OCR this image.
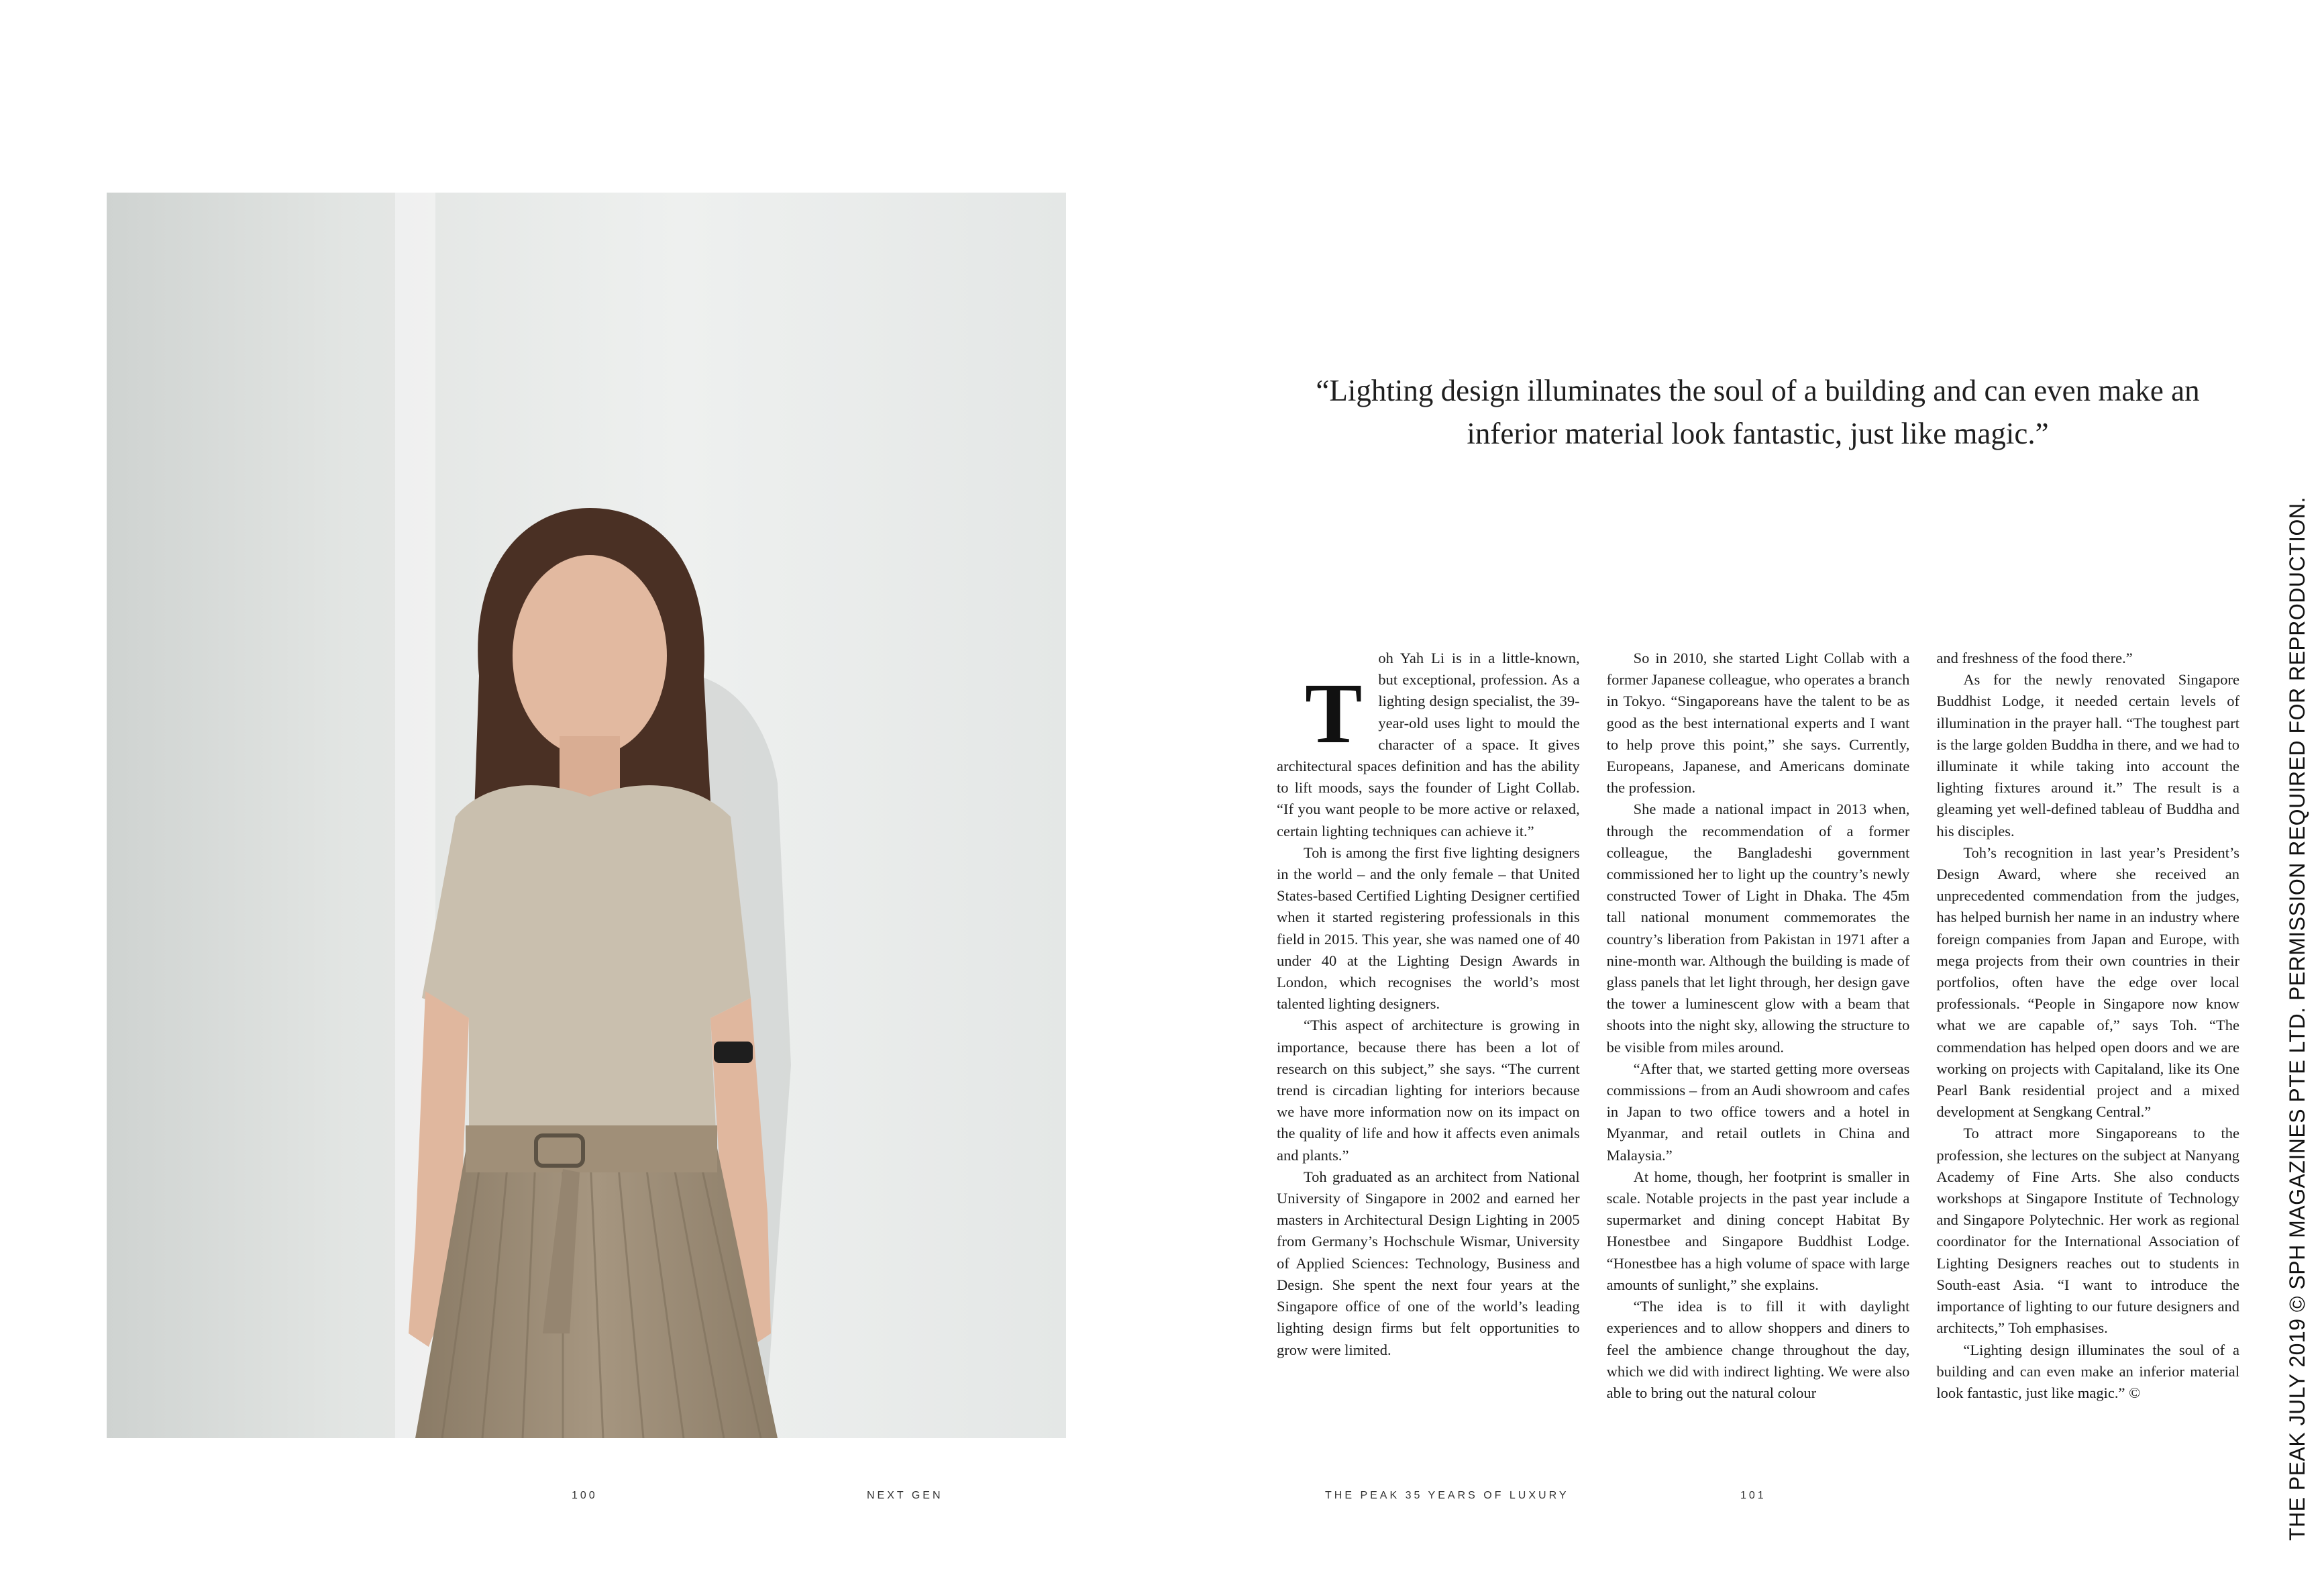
“Lighting design illuminates the soul of a building and can even make an inferior material look fantastic, just like magic.”
T

oh Yah Li is in a little-known, but exceptional, profession. As a lighting design specialist, the 39-year-old uses light to mould the character of a space. It gives architectural spaces definition and has the ability to lift moods, says the founder of Light Collab. “If you want people to be more active or relaxed, certain lighting techniques can achieve it.”

Toh is among the first five lighting designers in the world – and the only female – that United States-based Certified Lighting Designer certified when it started registering professionals in this field in 2015. This year, she was named one of 40 under 40 at the Lighting Design Awards in London, which recognises the world’s most talented lighting designers.

“This aspect of architecture is growing in importance, because there has been a lot of research on this subject,” she says. “The current trend is circadian lighting for interiors because we have more information now on its impact on the quality of life and how it affects even animals and plants.”

Toh graduated as an architect from National University of Singapore in 2002 and earned her masters in Architectural Design Lighting in 2005 from Germany’s Hochschule Wismar, University of Applied Sciences: Technology, Business and Design. She spent the next four years at the Singapore office of one of the world’s leading lighting design firms but felt opportunities to grow were limited.

So in 2010, she started Light Collab with a former Japanese colleague, who operates a branch in Tokyo. “Singaporeans have the talent to be as good as the best international experts and I want to help prove this point,” she says. Currently, Europeans, Japanese, and Americans dominate the profession.

She made a national impact in 2013 when, through the recommendation of a former colleague, the Bangladeshi government commissioned her to light up the country’s newly constructed Tower of Light in Dhaka. The 45m tall national monument commemorates the country’s liberation from Pakistan in 1971 after a nine-month war. Although the building is made of glass panels that let light through, her design gave the tower a luminescent glow with a beam that shoots into the night sky, allowing the structure to be visible from miles around.

“After that, we started getting more overseas commissions – from an Audi showroom and cafes in Japan to two office towers and a hotel in Myanmar, and retail outlets in China and Malaysia.”

At home, though, her footprint is smaller in scale. Notable projects in the past year include a supermarket and dining concept Habitat By Honestbee and Singapore Buddhist Lodge. “Honestbee has a high volume of space with large amounts of sunlight,” she explains.

“The idea is to fill it with daylight experiences and to allow shoppers and diners to feel the ambience change throughout the day, which we did with indirect lighting. We were also able to bring out the natural colour

and freshness of the food there.”

As for the newly renovated Singapore Buddhist Lodge, it needed certain levels of illumination in the prayer hall. “The toughest part is the large golden Buddha in there, and we had to illuminate it while taking into account the lighting fixtures around it.” The result is a gleaming yet well-defined tableau of Buddha and his disciples.

Toh’s recognition in last year’s President’s Design Award, where she received an unprecedented commendation from the judges, has helped burnish her name in an industry where foreign companies from Japan and Europe, with mega projects from their own countries in their portfolios, often have the edge over local professionals. “People in Singapore now know what we are capable of,” says Toh. “The commendation has helped open doors and we are working on projects with Capitaland, like its One Pearl Bank residential project and a mixed development at Sengkang Central.”

To attract more Singaporeans to the profession, she lectures on the subject at Nanyang Academy of Fine Arts. She also conducts workshops at Singapore Institute of Technology and Singapore Polytechnic. Her work as regional coordinator for the International Association of Lighting Designers reaches out to students in South-east Asia. “I want to introduce the importance of lighting to our future designers and architects,” Toh emphasises.

“Lighting design illuminates the soul of a building and can even make an inferior material look fantastic, just like magic.” ©

100	NEXT GEN	THE PEAK 35 YEARS OF LUXURY	101	THE PEAK JULY 2019 © SPH MAGAZINES PTE LTD. PERMISSION REQUIRED FOR REPRODUCTION.
